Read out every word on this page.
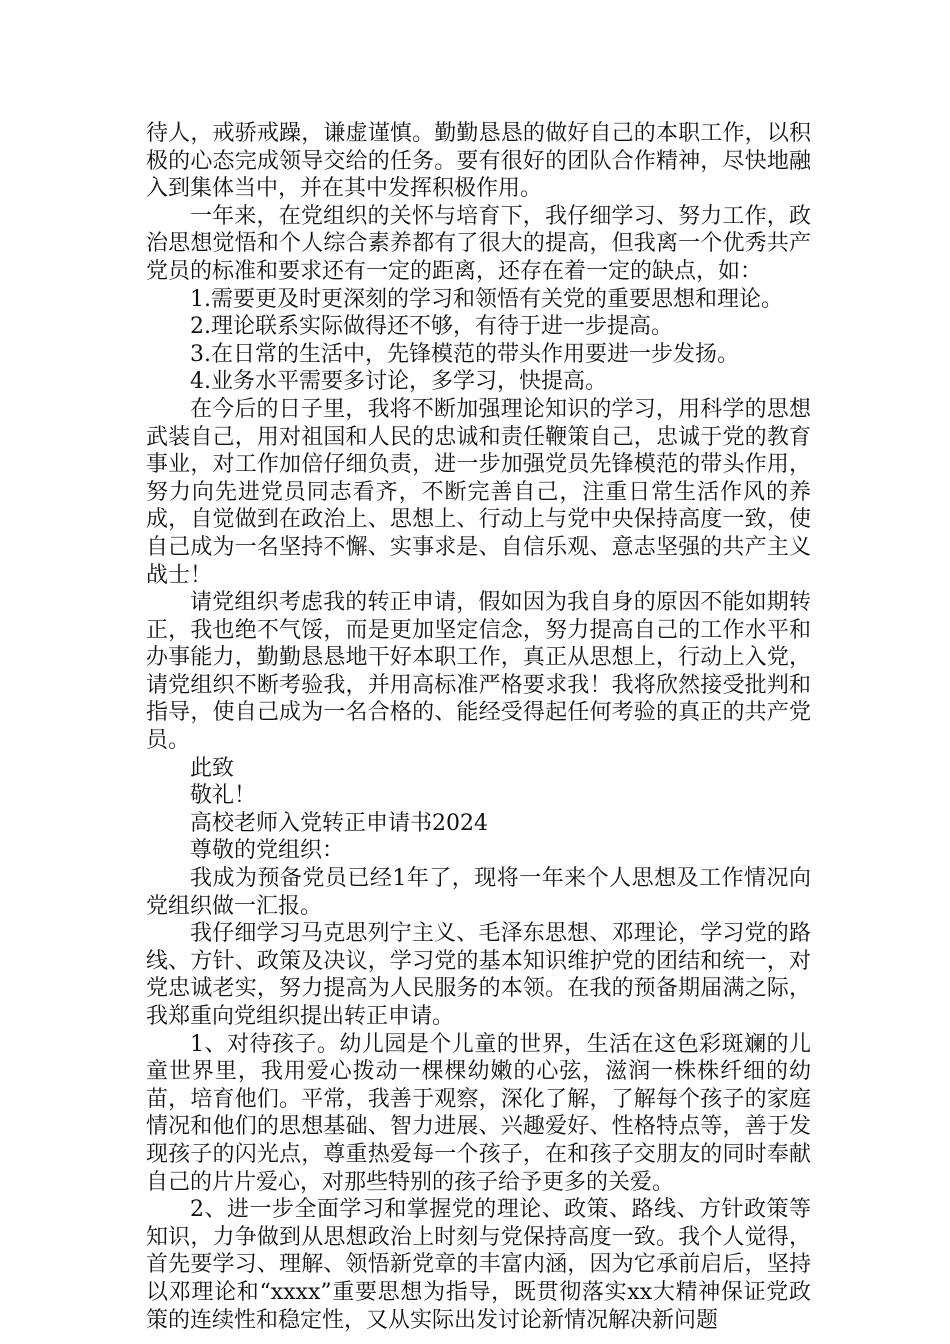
待人，戒骄戒躁，谦虚谨慎。勤勤恳恳的做好自己的本职工作，以积极的心态完成领导交给的任务。要有很好的团队合作精神，尽快地融入到集体当中，并在其中发挥积极作用。

一年来，在党组织的关怀与培育下，我仔细学习、努力工作，政治思想觉悟和个人综合素养都有了很大的提高，但我离一个优秀共产党员的标准和要求还有一定的距离，还存在着一定的缺点，如：

1.需要更及时更深刻的学习和领悟有关党的重要思想和理论。

2.理论联系实际做得还不够，有待于进一步提高。

3.在日常的生活中，先锋模范的带头作用要进一步发扬。

4.业务水平需要多讨论，多学习，快提高。

在今后的日子里，我将不断加强理论知识的学习，用科学的思想武装自己，用对祖国和人民的忠诚和责任鞭策自己，忠诚于党的教育事业，对工作加倍仔细负责，进一步加强党员先锋模范的带头作用，努力向先进党员同志看齐，不断完善自己，注重日常生活作风的养成，自觉做到在政治上、思想上、行动上与党中央保持高度一致，使自己成为一名坚持不懈、实事求是、自信乐观、意志坚强的共产主义战士！

请党组织考虑我的转正申请，假如因为我自身的原因不能如期转正，我也绝不气馁，而是更加坚定信念，努力提高自己的工作水平和办事能力，勤勤恳恳地干好本职工作，真正从思想上，行动上入党，请党组织不断考验我，并用高标准严格要求我！我将欣然接受批判和指导，使自己成为一名合格的、能经受得起任何考验的真正的共产党员。

此致

敬礼！

高校老师入党转正申请书2024

尊敬的党组织：

我成为预备党员已经1年了，现将一年来个人思想及工作情况向党组织做一汇报。

我仔细学习马克思列宁主义、毛泽东思想、邓理论，学习党的路线、方针、政策及决议，学习党的基本知识维护党的团结和统一，对党忠诚老实，努力提高为人民服务的本领。在我的预备期届满之际，我郑重向党组织提出转正申请。

1、对待孩子。幼儿园是个儿童的世界，生活在这色彩斑斓的儿童世界里，我用爱心拨动一棵棵幼嫩的心弦，滋润一株株纤细的幼苗，培育他们。平常，我善于观察，深化了解，了解每个孩子的家庭情况和他们的思想基础、智力进展、兴趣爱好、性格特点等，善于发现孩子的闪光点，尊重热爱每一个孩子，在和孩子交朋友的同时奉献自己的片片爱心，对那些特别的孩子给予更多的关爱。

2、进一步全面学习和掌握党的理论、政策、路线、方针政策等知识，力争做到从思想政治上时刻与党保持高度一致。我个人觉得，首先要学习、理解、领悟新党章的丰富内涵，因为它承前启后，坚持以邓理论和“xxxx”重要思想为指导，既贯彻落实xx大精神保证党政策的连续性和稳定性，又从实际出发讨论新情况解决新问题
